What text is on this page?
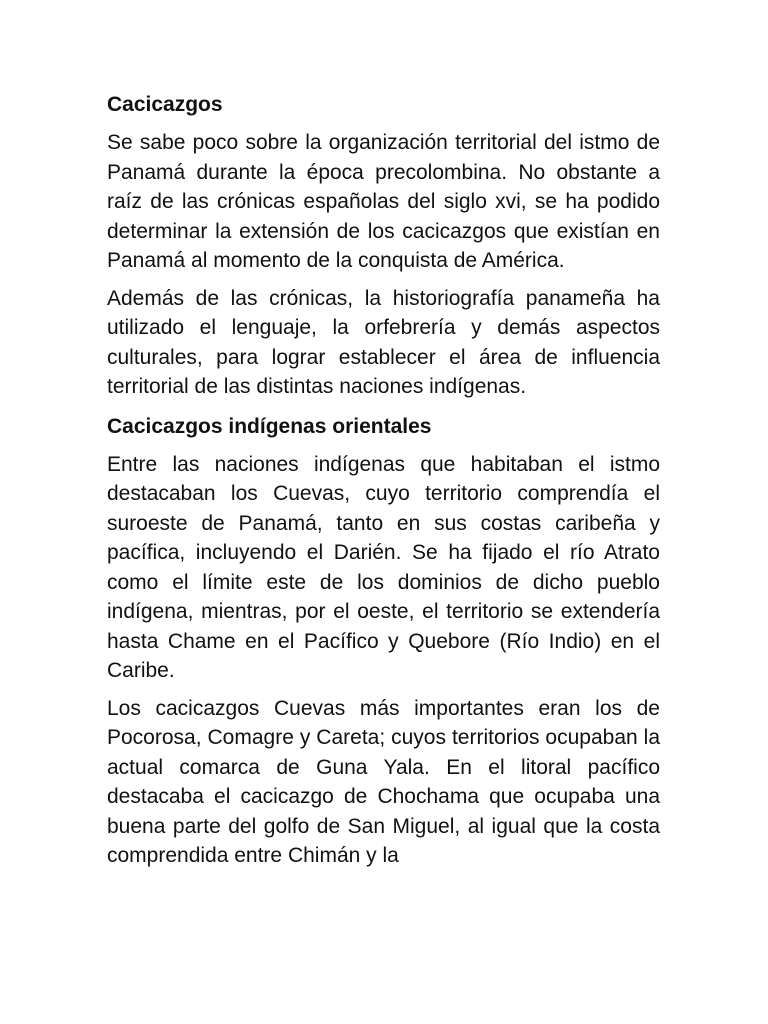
Cacicazgos

Se sabe poco sobre la organización territorial del istmo de Panamá durante la época precolombina. No obstante a raíz de las crónicas españolas del siglo xvi, se ha podido determinar la extensión de los cacicazgos que existían en Panamá al momento de la conquista de América.

Además de las crónicas, la historiografía panameña ha utilizado el lenguaje, la orfebrería y demás aspectos culturales, para lograr establecer el área de influencia territorial de las distintas naciones indígenas.

Cacicazgos indígenas orientales

Entre las naciones indígenas que habitaban el istmo destacaban los Cuevas, cuyo territorio comprendía el suroeste de Panamá, tanto en sus costas caribeña y pacífica, incluyendo el Darién. Se ha fijado el río Atrato como el límite este de los dominios de dicho pueblo indígena, mientras, por el oeste, el territorio se extendería hasta Chame en el Pacífico y Quebore (Río Indio) en el Caribe.

Los cacicazgos Cuevas más importantes eran los de Pocorosa, Comagre y Careta; cuyos territorios ocupaban la actual comarca de Guna Yala. En el litoral pacífico destacaba el cacicazgo de Chochama que ocupaba una buena parte del golfo de San Miguel, al igual que la costa comprendida entre Chimán y la
